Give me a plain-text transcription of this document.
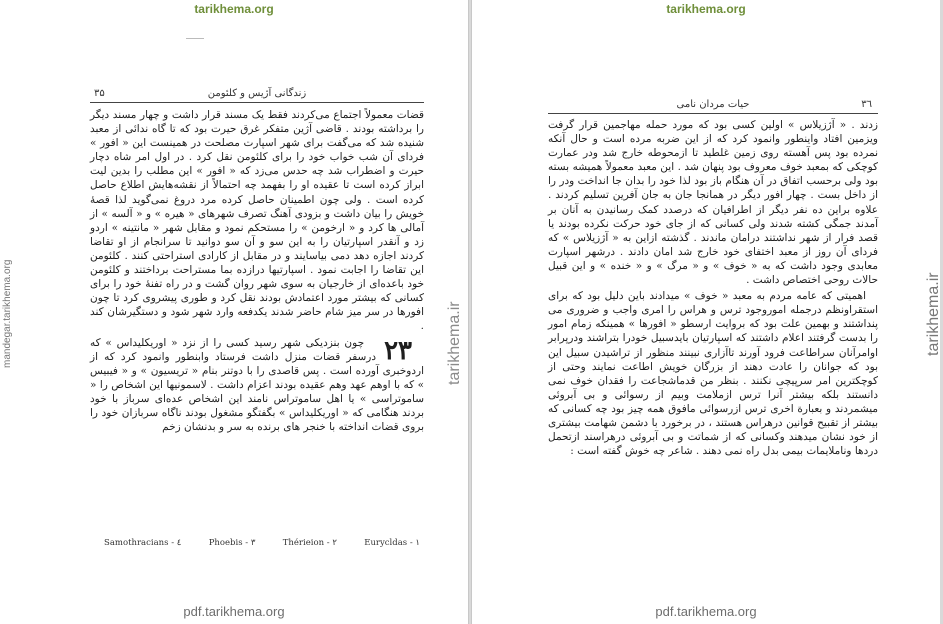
tarikhema.org
mandegar.tarikhema.org	tarikhema.ir
زندگانی آژیس و کلئومن
۳۵

قضات معمولاً اجتماع می‌کردند فقط یک مسند قرار داشت و چهار مسند دیگر را برداشته بودند . قاضی آژین متفکر غرق حیرت بود که تا گاه ندائی از معبد شنیده شد که می‌گفت برای شهر اسپارت مصلحت در همینست این « افور » فردای آن شب خواب خود را برای کلئومن نقل کرد . در اول امر شاه دچار حیرت و اضطراب شد چه حدس می‌زد که « افور » این مطلب را بدین لیت ابراز کرده است تا عقیده او را بفهمد چه احتمالاً از نقشه‌هایش اطلاع حاصل کرده است . ولی چون اطمینان حاصل کرده مرد دروغ نمی‌گوید لذا قصهٔ خویش را بیان داشت و بزودی آهنگ تصرف شهرهای « هیره » و « آلسه » از آمالی ها کرد و « ارخومن » را مستحکم نمود و مقابل شهر « مانتینه » اردو زد و آنقدر اسپارتیان را به این سو و آن سو دوانید تا سرانجام از او تقاضا کردند اجازه دهد دمی بیاسایند و در مقابل از کارادی استراحتی کنند . کلئومن این تقاضا را اجابت نمود . اسپارتیها درازده بما مستراحت برداختند و کلئومن خود باعده‌ای از خارجیان به سوی شهر روان گشت و در راه تفنهٔ خود را برای کسانی که بیشتر مورد اعتمادش بودند نقل کرد و طوری پیشروی کرد تا چون افورها در سر میز شام حاضر شدند یکدفعه وارد شهر شود و دستگیرشان کند .

۲۳
چون بنزدیکی شهر رسید کسی را از نزد « اوریکلیداس » که درسفر قضات منزل داشت فرستاد وابنطور وانمود کرد که از اردوخبری آورده است . پس قاصدی را با دوتنر بنام « تریسیون » و « فیبیس » که با اوهم عهد وهم عقیده بودند اعزام داشت . لاسمونیها این اشخاص را « ساموتراسی » یا اهل ساموتراس نامند این اشخاص عده‌ای سرباز با خود بردند هنگامی که « اوریکلیداس » بگفتگو مشغول بودند ناگاه سربازان خود را بروی قضات انداخته با خنجر های برنده به سر و بدنشان زخم

Eurycldas - ١
Thérieion - ٢
Phoebis - ٣
Samothracians - ٤
pdf.tarikhema.org
tarikhema.org
tarikhema.ir
۳٦
حیات مردان نامی

زدند . « آژزیلاس » اولین کسی بود که مورد حمله مهاجمین قرار گرفت ویزمین افتاد واینطور وانمود کرد که از این ضربه مرده است و حال آنکه نمرده بود پس آهسته روی زمین غلطید تا ازمحوطه خارج شد ودر عمارت کوچکی که بمعبد خوف معروف بود پنهان شد . این معبد معمولاً همیشه بسته بود ولی برحسب اتفاق در آن هنگام باز بود لذا خود را بدان جا انداخت ودر را از داخل بست . چهار افور دیگر در همانجا جان به جان آفرین تسلیم کردند . علاوه براین ده نفر دیگر از اطرافیان که درصدد کمک رسانیدن به آنان بر آمدند جمگی کشته شدند ولی کسانی که از جای خود حرکت نکرده بودند یا قصد فرار از شهر نداشتند درامان ماندند . گذشته ازاین به « آژزیلاس » که فردای آن روز از معبد اختفای خود خارج شد امان دادند . درشهر اسپارت معابدی وجود داشت که به « خوف » و « مرگ » و « خنده » و این قبیل حالات روحی اختصاص داشت .

اهمیتی که عامه مردم به معبد « خوف » میدادند باین دلیل بود که برای استقراونظم درجمله اموروجود ترس و هراس را امری واجب و ضروری می پنداشتند و بهمین علت بود که بروایت ارسطو « افورها » همینکه زمام امور را بدست گرفتند اعلام داشتند که اسپارتیان بایدسبیل خودرا بتراشند ودرپرابر اوامرآنان سراطاعت فرود آورند تاآزاری نبینند منظور از تراشیدن سبیل این بود که جوانان را عادت دهند از بزرگان خویش اطاعت نمایند وحتی از کوچکترین امر سرپیچی نکنند . بنظر من قدماشجاعت را فقدان خوف نمی دانستند بلکه بیشتر آنرا ترس ازملامت وبیم از رسوائی و بی آبروئی میشمردند و بعبارة اخری ترس ازرسوائی مافوق همه چیز بود چه کسانی که بیشتر از تقبیح قوانین درهراس هستند ، در برخورد با دشمن شهامت بیشتری از خود نشان میدهند وکسانی که از شماتت و بی آبروئی درهراسند ازتحمل دردها وناملایمات بیمی بدل راه نمی دهند . شاعر چه خوش گفته است :

pdf.tarikhema.org
